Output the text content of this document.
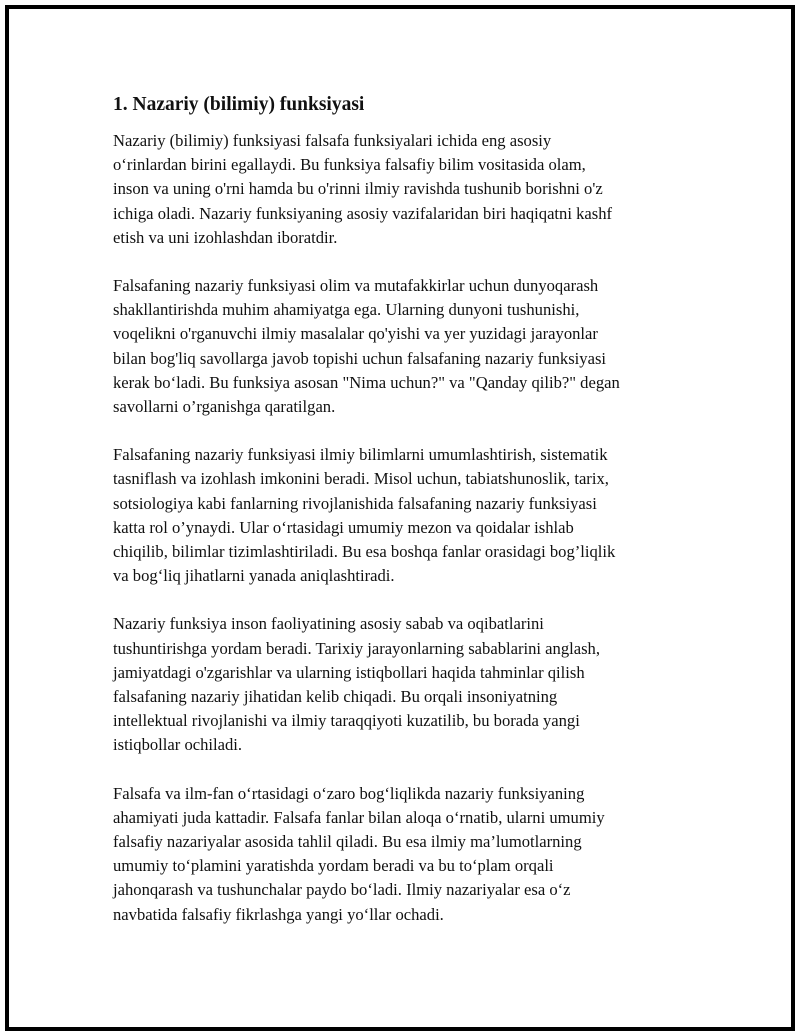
1. Nazariy (bilimiy) funksiyasi
Nazariy (bilimiy) funksiyasi falsafa funksiyalari ichida eng asosiy
o‘rinlardan birini egallaydi. Bu funksiya falsafiy bilim vositasida olam,
inson va uning o'rni hamda bu o'rinni ilmiy ravishda tushunib borishni o'z
ichiga oladi. Nazariy funksiyaning asosiy vazifalaridan biri haqiqatni kashf
etish va uni izohlashdan iboratdir.
Falsafaning nazariy funksiyasi olim va mutafakkirlar uchun dunyoqarash
shakllantirishda muhim ahamiyatga ega. Ularning dunyoni tushunishi,
voqelikni o'rganuvchi ilmiy masalalar qo'yishi va yer yuzidagi jarayonlar
bilan bog'liq savollarga javob topishi uchun falsafaning nazariy funksiyasi
kerak bo‘ladi. Bu funksiya asosan "Nima uchun?" va "Qanday qilib?" degan
savollarni o’rganishga qaratilgan.
Falsafaning nazariy funksiyasi ilmiy bilimlarni umumlashtirish, sistematik
tasniflash va izohlash imkonini beradi. Misol uchun, tabiatshunoslik, tarix,
sotsiologiya kabi fanlarning rivojlanishida falsafaning nazariy funksiyasi
katta rol o’ynaydi. Ular o‘rtasidagi umumiy mezon va qoidalar ishlab
chiqilib, bilimlar tizimlashtiriladi. Bu esa boshqa fanlar orasidagi bog’liqlik
va bog‘liq jihatlarni yanada aniqlashtiradi.
Nazariy funksiya inson faoliyatining asosiy sabab va oqibatlarini
tushuntirishga yordam beradi. Tarixiy jarayonlarning sabablarini anglash,
jamiyatdagi o'zgarishlar va ularning istiqbollari haqida tahminlar qilish
falsafaning nazariy jihatidan kelib chiqadi. Bu orqali insoniyatning
intellektual rivojlanishi va ilmiy taraqqiyoti kuzatilib, bu borada yangi
istiqbollar ochiladi.
Falsafa va ilm-fan o‘rtasidagi o‘zaro bog‘liqlikda nazariy funksiyaning
ahamiyati juda kattadir. Falsafa fanlar bilan aloqa o‘rnatib, ularni umumiy
falsafiy nazariyalar asosida tahlil qiladi. Bu esa ilmiy ma’lumotlarning
umumiy to‘plamini yaratishda yordam beradi va bu to‘plam orqali
jahonqarash va tushunchalar paydo bo‘ladi. Ilmiy nazariyalar esa o‘z
navbatida falsafiy fikrlashga yangi yo‘llar ochadi.
